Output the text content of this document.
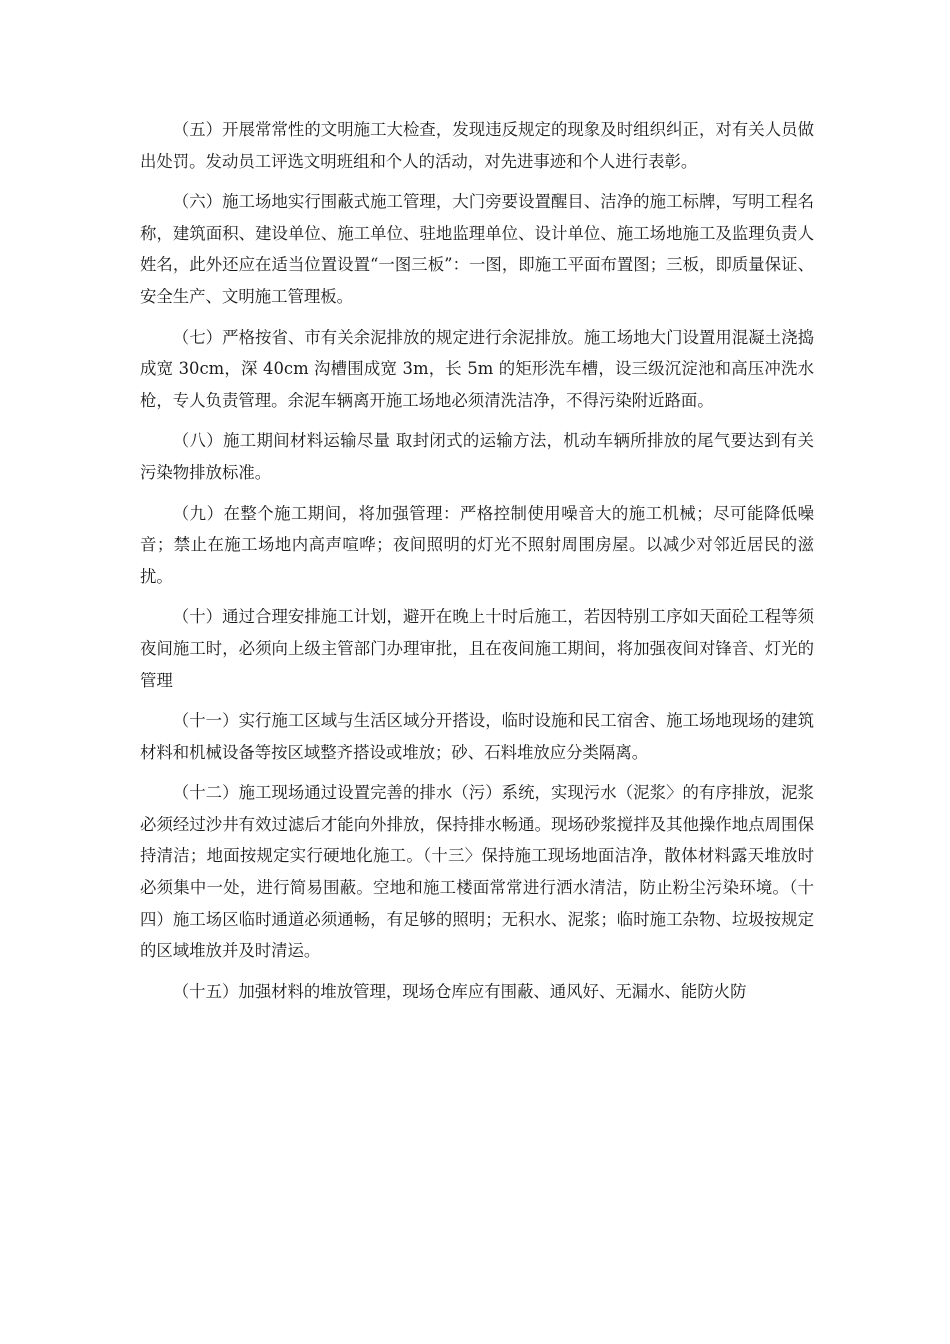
（五）开展常常性的文明施工大检查，发现违反规定的现象及时组织纠正，对有关人员做出处罚。发动员工评选文明班组和个人的活动，对先进事迹和个人进行表彰。

（六）施工场地实行围蔽式施工管理，大门旁要设置醒目、洁净的施工标牌，写明工程名称，建筑面积、建设单位、施工单位、驻地监理单位、设计单位、施工场地施工及监理负责人姓名，此外还应在适当位置设置“一图三板”：一图，即施工平面布置图；三板，即质量保证、安全生产、文明施工管理板。

（七）严格按省、市有关余泥排放的规定进行余泥排放。施工场地大门设置用混凝土浇捣成宽 30cm，深 40cm 沟槽围成宽 3m，长 5m 的矩形洗车槽，设三级沉淀池和高压冲洗水枪，专人负责管理。余泥车辆离开施工场地必须清洗洁净，不得污染附近路面。

（八）施工期间材料运输尽量 取封闭式的运输方法，机动车辆所排放的尾气要达到有关污染物排放标准。

（九）在整个施工期间，将加强管理：严格控制使用噪音大的施工机械；尽可能降低噪音；禁止在施工场地内高声喧哗；夜间照明的灯光不照射周围房屋。以减少对邻近居民的滋扰。

（十）通过合理安排施工计划，避开在晚上十时后施工，若因特别工序如天面砼工程等须夜间施工时，必须向上级主管部门办理审批，且在夜间施工期间，将加强夜间对锋音、灯光的管理

（十一）实行施工区域与生活区域分开搭设，临时设施和民工宿舍、施工场地现场的建筑材料和机械设备等按区域整齐搭设或堆放；砂、石料堆放应分类隔离。

（十二）施工现场通过设置完善的排水（污）系统，实现污水（泥浆〉的有序排放，泥浆必须经过沙井有效过滤后才能向外排放，保持排水畅通。现场砂浆搅拌及其他操作地点周围保持清洁；地面按规定实行硬地化施工。（十三〉保持施工现场地面洁净，散体材料露天堆放时必须集中一处，进行简易围蔽。空地和施工楼面常常进行洒水清洁，防止粉尘污染环境。（十四）施工场区临时通道必须通畅，有足够的照明；无积水、泥浆；临时施工杂物、垃圾按规定的区域堆放并及时清运。

（十五）加强材料的堆放管理，现场仓库应有围蔽、通风好、无漏水、能防火防
